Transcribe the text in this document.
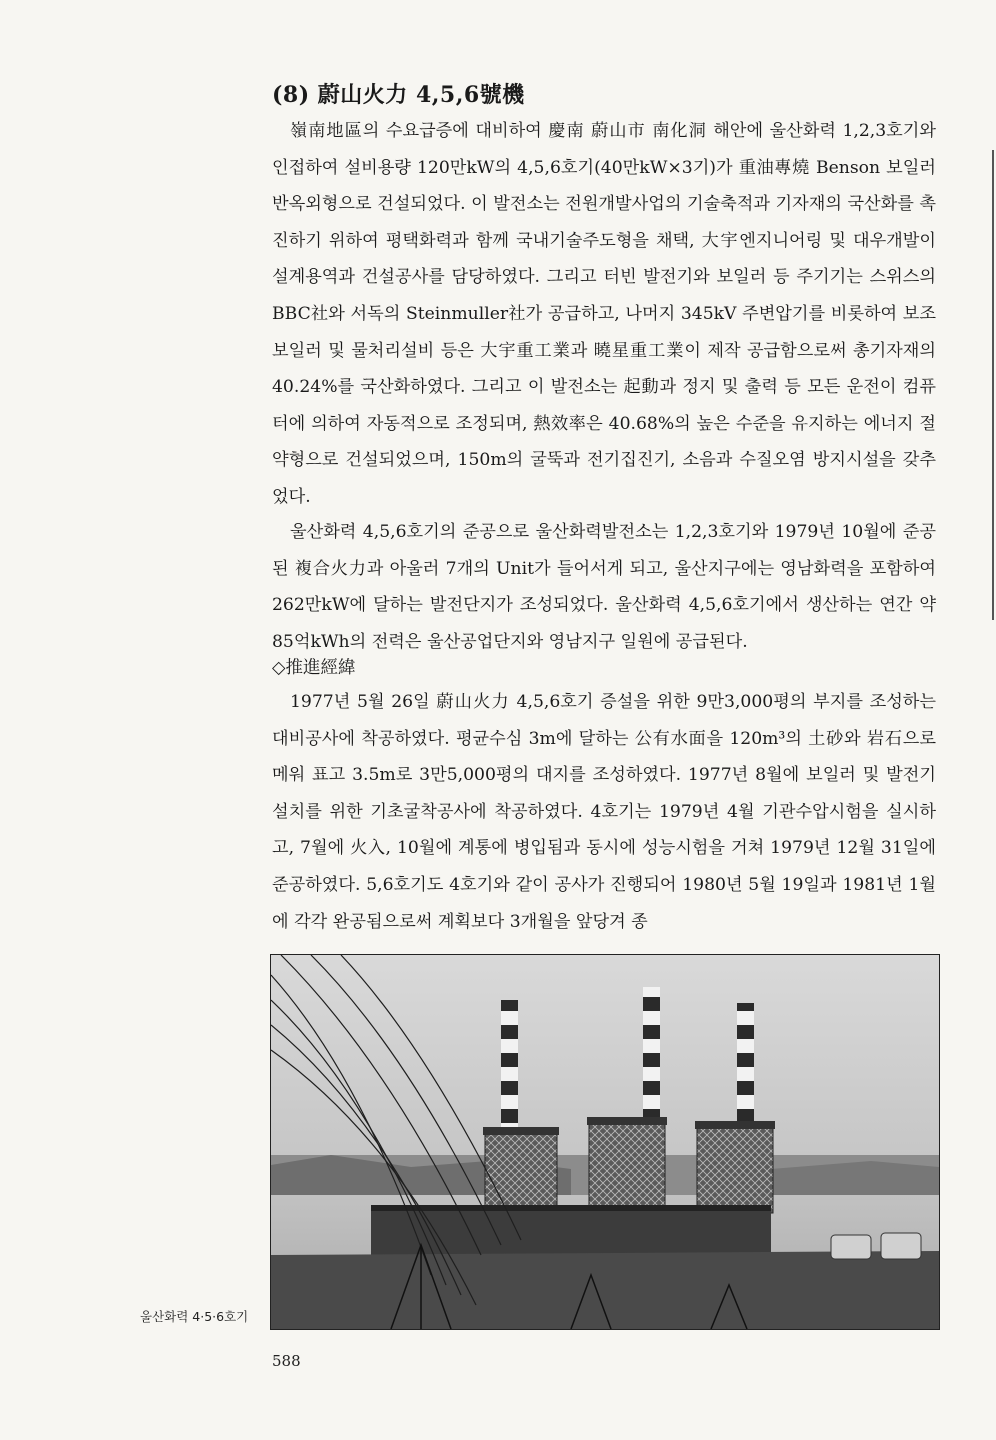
(8) 蔚山火力 4,5,6號機

嶺南地區의 수요급증에 대비하여 慶南 蔚山市 南化洞 해안에 울산화력 1,2,3호기와 인접하여 설비용량 120만kW의 4,5,6호기(40만kW×3기)가 重油專燒 Benson 보일러 반옥외형으로 건설되었다. 이 발전소는 전원개발사업의 기술축적과 기자재의 국산화를 촉진하기 위하여 평택화력과 함께 국내기술주도형을 채택, 大宇엔지니어링 및 대우개발이 설계용역과 건설공사를 담당하였다. 그리고 터빈 발전기와 보일러 등 주기기는 스위스의 BBC社와 서독의 Steinmuller社가 공급하고, 나머지 345kV 주변압기를 비롯하여 보조보일러 및 물처리설비 등은 大宇重工業과 曉星重工業이 제작 공급함으로써 총기자재의 40.24%를 국산화하였다. 그리고 이 발전소는 起動과 정지 및 출력 등 모든 운전이 컴퓨터에 의하여 자동적으로 조정되며, 熱效率은 40.68%의 높은 수준을 유지하는 에너지 절약형으로 건설되었으며, 150m의 굴뚝과 전기집진기, 소음과 수질오염 방지시설을 갖추었다.

울산화력 4,5,6호기의 준공으로 울산화력발전소는 1,2,3호기와 1979년 10월에 준공된 複合火力과 아울러 7개의 Unit가 들어서게 되고, 울산지구에는 영남화력을 포함하여 262만kW에 달하는 발전단지가 조성되었다. 울산화력 4,5,6호기에서 생산하는 연간 약 85억kWh의 전력은 울산공업단지와 영남지구 일원에 공급된다.

◇推進經緯

1977년 5월 26일 蔚山火力 4,5,6호기 증설을 위한 9만3,000평의 부지를 조성하는 대비공사에 착공하였다. 평균수심 3m에 달하는 公有水面을 120m³의 土砂와 岩石으로 메워 표고 3.5m로 3만5,000평의 대지를 조성하였다. 1977년 8월에 보일러 및 발전기 설치를 위한 기초굴착공사에 착공하였다. 4호기는 1979년 4월 기관수압시험을 실시하고, 7월에 火入, 10월에 계통에 병입됨과 동시에 성능시험을 거쳐 1979년 12월 31일에 준공하였다. 5,6호기도 4호기와 같이 공사가 진행되어 1980년 5월 19일과 1981년 1월에 각각 완공됨으로써 계획보다 3개월을 앞당겨 종

울산화력 4·5·6호기
588
